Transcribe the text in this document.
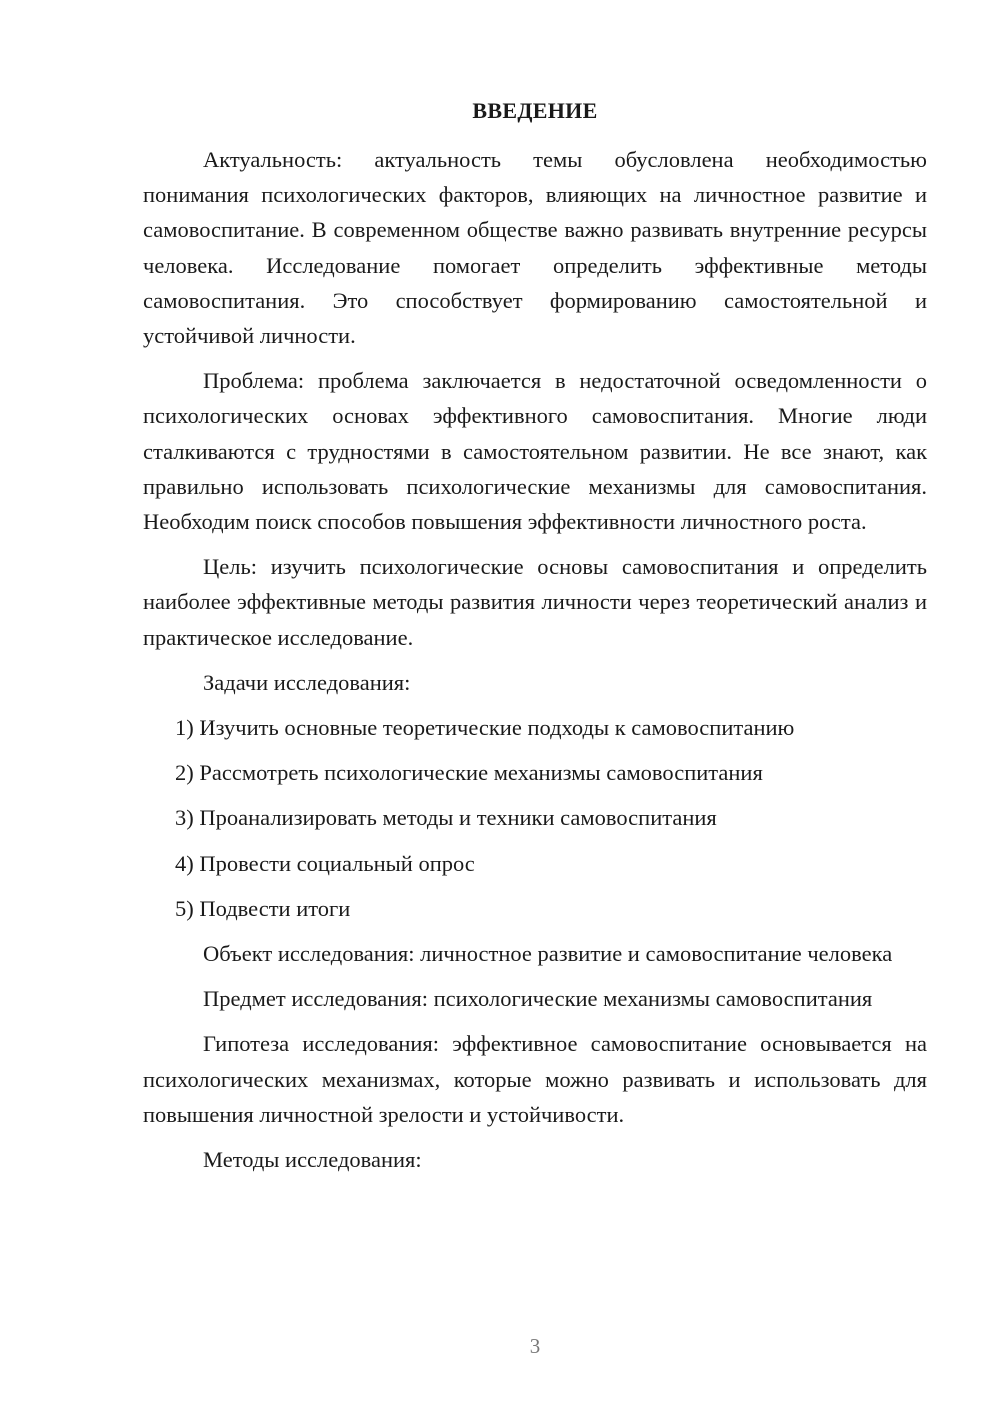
ВВЕДЕНИЕ

Актуальность: актуальность темы обусловлена необходимостью понимания психологических факторов, влияющих на личностное развитие и самовоспитание. В современном обществе важно развивать внутренние ресурсы человека. Исследование помогает определить эффективные методы самовоспитания. Это способствует формированию самостоятельной и устойчивой личности.

Проблема: проблема заключается в недостаточной осведомленности о психологических основах эффективного самовоспитания. Многие люди сталкиваются с трудностями в самостоятельном развитии. Не все знают, как правильно использовать психологические механизмы для самовоспитания. Необходим поиск способов повышения эффективности личностного роста.

Цель: изучить психологические основы самовоспитания и определить наиболее эффективные методы развития личности через теоретический анализ и практическое исследование.

Задачи исследования:

1) Изучить основные теоретические подходы к самовоспитанию

2) Рассмотреть психологические механизмы самовоспитания

3) Проанализировать методы и техники самовоспитания

4) Провести социальный опрос

5) Подвести итоги

Объект исследования: личностное развитие и самовоспитание человека

Предмет исследования: психологические механизмы самовоспитания

Гипотеза исследования: эффективное самовоспитание основывается на психологических механизмах, которые можно развивать и использовать для повышения личностной зрелости и устойчивости.

Методы исследования:

3
